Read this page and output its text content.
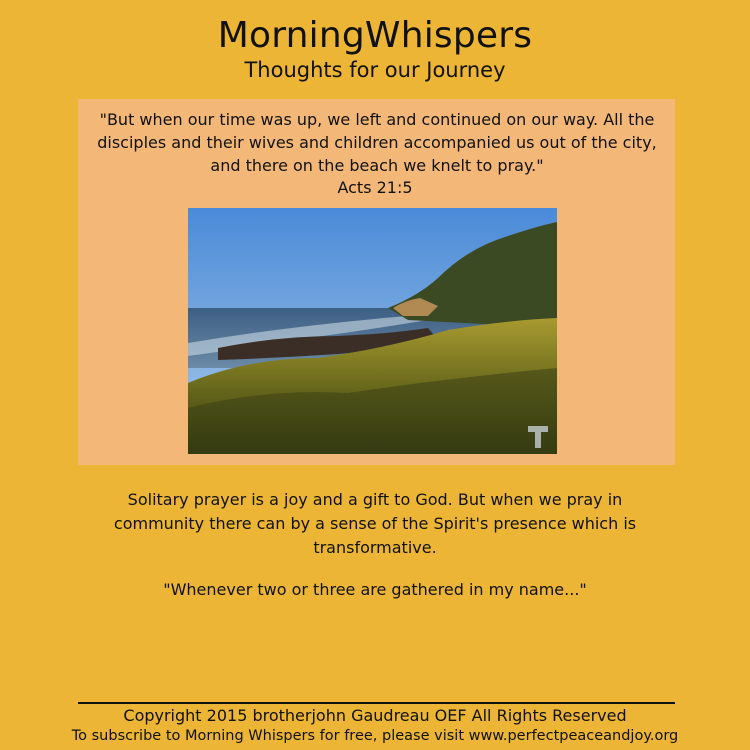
MorningWhispers
Thoughts for our Journey
"But when our time was up, we left and continued on our way. All the disciples and their wives and children accompanied us out of the city, and there on the beach we knelt to pray."
Acts 21:5
Solitary prayer is a joy and a gift to God. But when we pray in community there can by a sense of the Spirit's presence which is transformative.
"Whenever two or three are gathered in my name..."
Copyright 2015 brotherjohn Gaudreau OEF All Rights Reserved
To subscribe to Morning Whispers for free, please visit www.perfectpeaceandjoy.org
